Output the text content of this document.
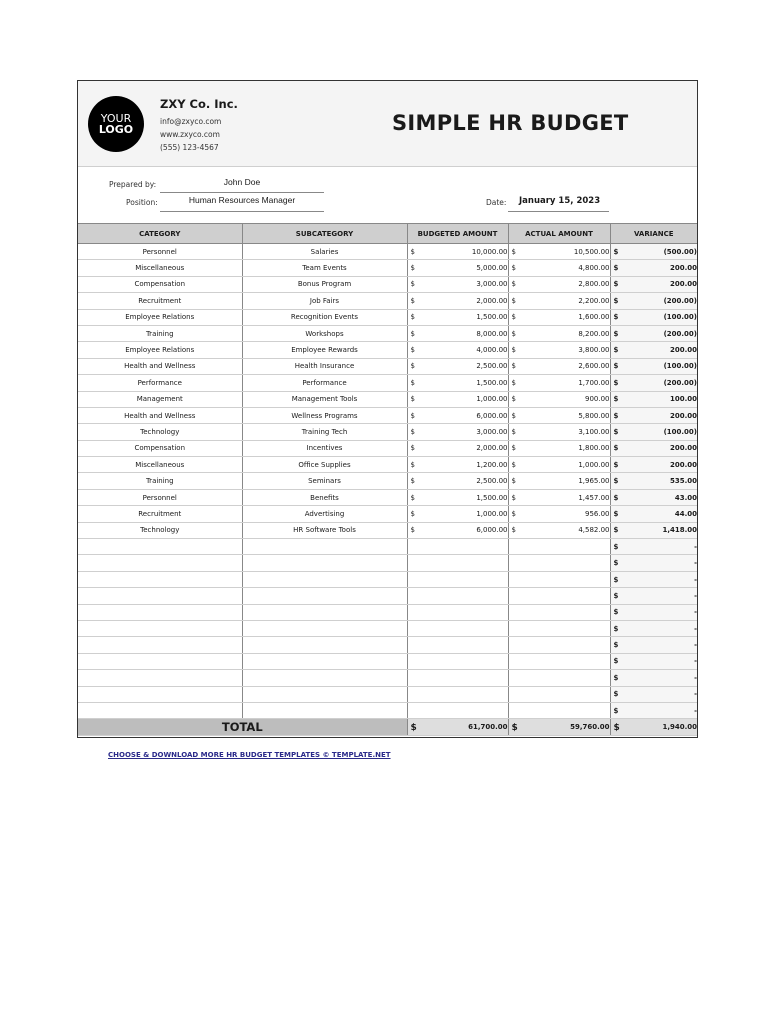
YOUR
LOGO
ZXY Co. Inc.
info@zxyco.com
www.zxyco.com
(555) 123-4567
SIMPLE HR BUDGET
Prepared by:	John Doe
Position:	Human Resources Manager	Date: January 15, 2023
CATEGORY	SUBCATEGORY	BUDGETED AMOUNT	ACTUAL AMOUNT	VARIANCE
Personnel	Salaries	$ 10,000.00	$ 10,500.00	$ (500.00)
Miscellaneous	Team Events	$ 5,000.00	$ 4,800.00	$ 200.00
Compensation	Bonus Program	$ 3,000.00	$ 2,800.00	$ 200.00
Recruitment	Job Fairs	$ 2,000.00	$ 2,200.00	$ (200.00)
Employee Relations	Recognition Events	$ 1,500.00	$ 1,600.00	$ (100.00)
Training	Workshops	$ 8,000.00	$ 8,200.00	$ (200.00)
Employee Relations	Employee Rewards	$ 4,000.00	$ 3,800.00	$ 200.00
Health and Wellness	Health Insurance	$ 2,500.00	$ 2,600.00	$ (100.00)
Performance	Performance	$ 1,500.00	$ 1,700.00	$ (200.00)
Management	Management Tools	$ 1,000.00	$ 900.00	$ 100.00
Health and Wellness	Wellness Programs	$ 6,000.00	$ 5,800.00	$ 200.00
Technology	Training Tech	$ 3,000.00	$ 3,100.00	$ (100.00)
Compensation	Incentives	$ 2,000.00	$ 1,800.00	$ 200.00
Miscellaneous	Office Supplies	$ 1,200.00	$ 1,000.00	$ 200.00
Training	Seminars	$ 2,500.00	$ 1,965.00	$ 535.00
Personnel	Benefits	$ 1,500.00	$ 1,457.00	$ 43.00
Recruitment	Advertising	$ 1,000.00	$ 956.00	$ 44.00
Technology	HR Software Tools	$ 6,000.00	$ 4,582.00	$ 1,418.00

				$ -

				$ -

				$ -

				$ -

				$ -

				$ -

				$ -

				$ -

				$ -

				$ -

				$ -
TOTAL		$ 61,700.00	$ 59,760.00	$ 1,940.00
CHOOSE & DOWNLOAD MORE HR BUDGET TEMPLATES © TEMPLATE.NET
